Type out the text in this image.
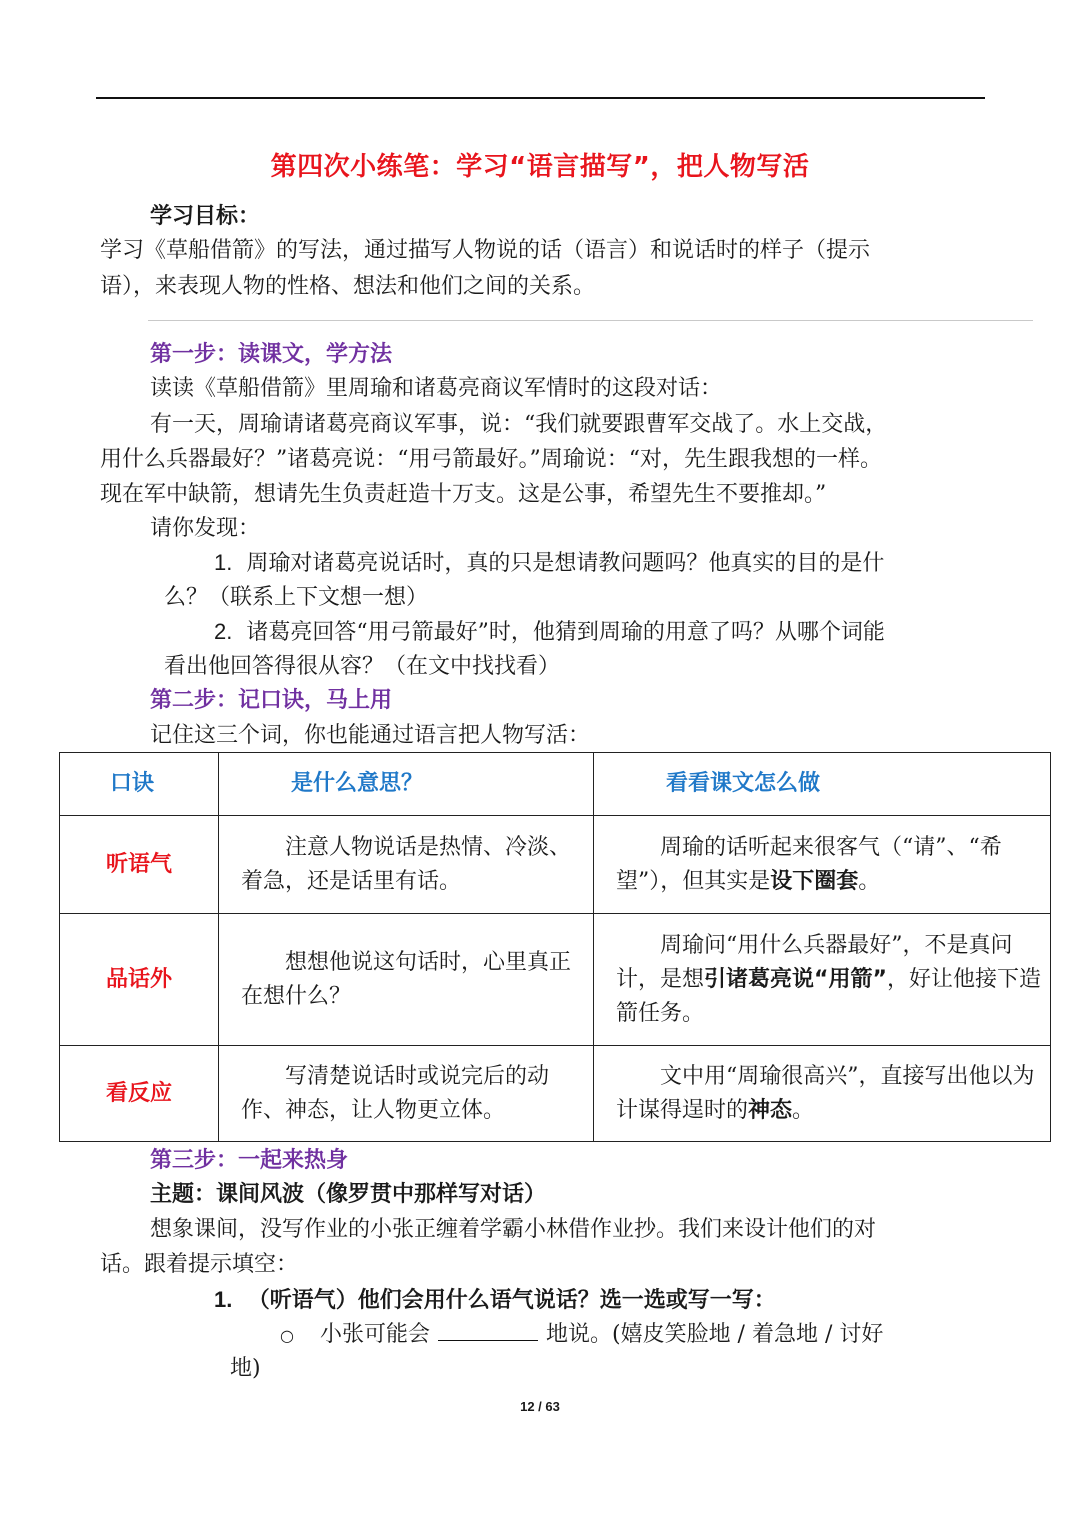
第四次小练笔：学习“语言描写”，把人物写活
学习目标：
学习《草船借箭》的写法，通过描写人物说的话（语言）和说话时的样子（提示
语），来表现人物的性格、想法和他们之间的关系。
第一步：读课文，学方法
读读《草船借箭》里周瑜和诸葛亮商议军情时的这段对话：
有一天，周瑜请诸葛亮商议军事，说：“我们就要跟曹军交战了。水上交战，
用什么兵器最好？”诸葛亮说：“用弓箭最好。”周瑜说：“对，先生跟我想的一样。
现在军中缺箭，想请先生负责赶造十万支。这是公事，希望先生不要推却。”
请你发现：
1. 周瑜对诸葛亮说话时，真的只是想请教问题吗？他真实的目的是什
么？（联系上下文想一想）
2. 诸葛亮回答“用弓箭最好”时，他猜到周瑜的用意了吗？从哪个词能
看出他回答得很从容？（在文中找找看）
第二步：记口诀，马上用
记住这三个词，你也能通过语言把人物写活：
口诀	是什么意思？	看看课文怎么做
听语气	注意人物说话是热情、冷淡、着急，还是话里有话。	周瑜的话听起来很客气（“请”、“希望”），但其实是设下圈套。

品话外	想想他说这句话时，心里真正在想什么？	周瑜问“用什么兵器最好”，不是真问计，是想引诸葛亮说“用箭”，好让他接下造箭任务。

看反应	写清楚说话时或说完后的动作、神态，让人物更立体。	文中用“周瑜很高兴”，直接写出他以为计谋得逞时的神态。
第三步：一起来热身
主题：课间风波（像罗贯中那样写对话）
想象课间，没写作业的小张正缠着学霸小林借作业抄。我们来设计他们的对
话。跟着提示填空：
1. （听语气）他们会用什么语气说话？选一选或写一写：
○ 小张可能会	地说。(嬉皮笑脸地 / 着急地 / 讨好
地)
12 / 63
